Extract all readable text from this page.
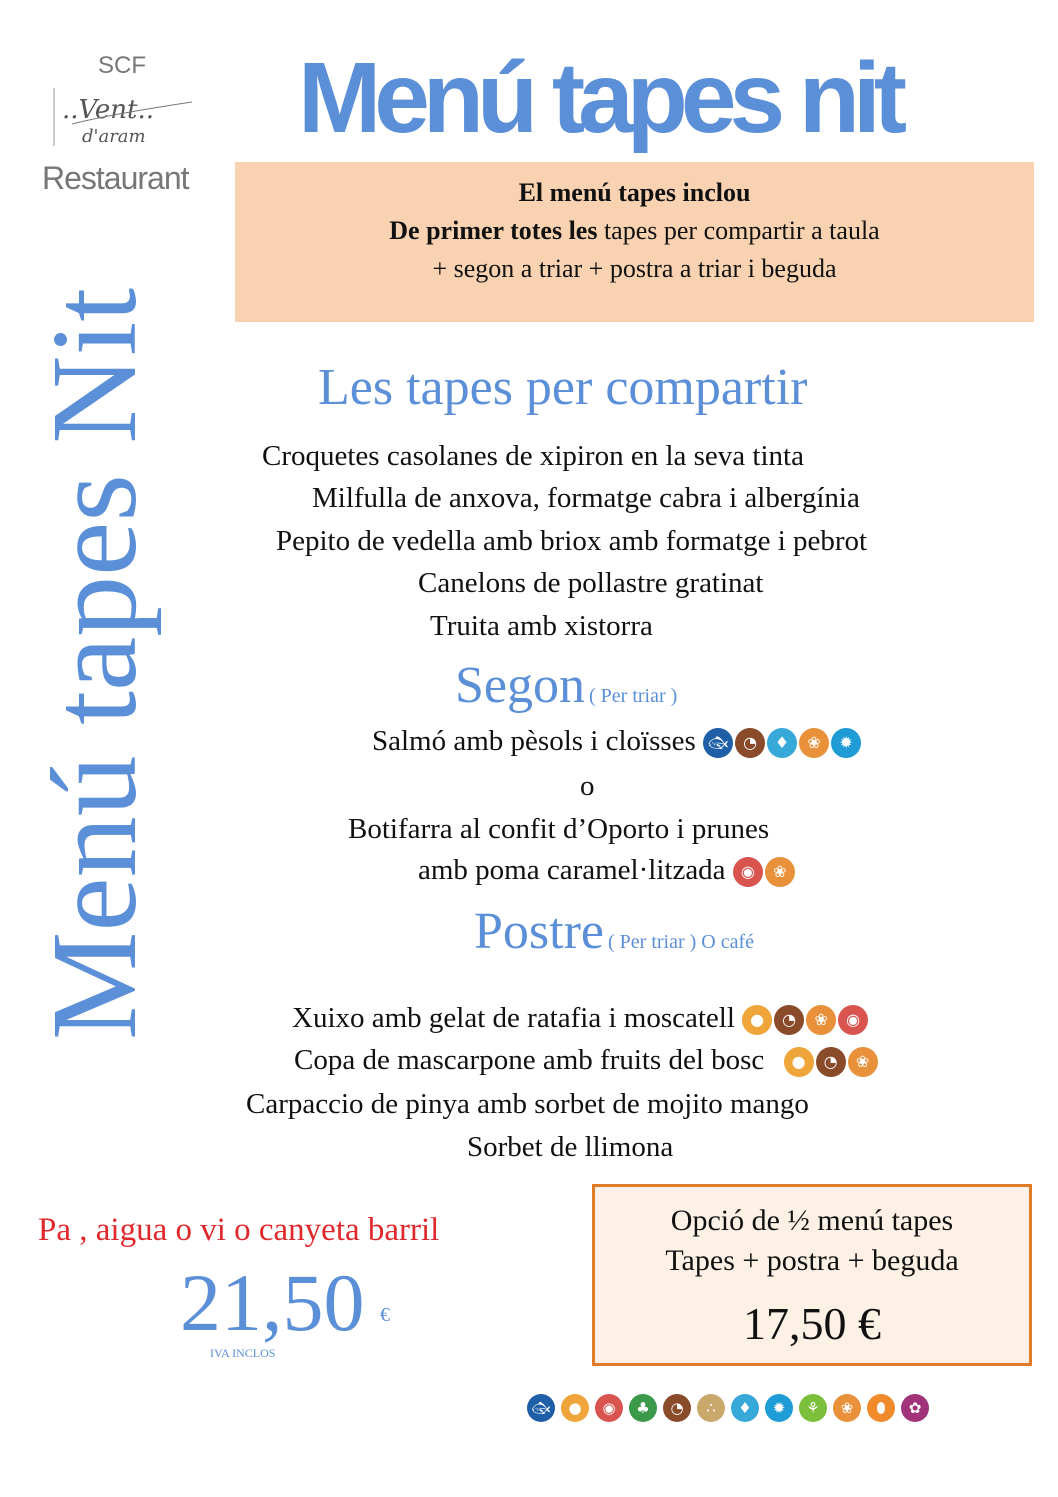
SCF
..Vent..
d'aram
Restaurant
Menú tapes nit
El menú tapes inclou
De primer totes les tapes per compartir a taula
+ segon a triar + postra a triar i beguda
Menú tapes Nit	Les tapes per compartir
Croquetes casolanes de xipiron en la seva tinta
Milfulla de anxova, formatge cabra i albergínia
Pepito de vedella amb briox amb formatge i pebrot
Canelons de pollastre gratinat
Truita amb xistorra
Segon ( Per triar )
Salmó amb pèsols i cloïsses 🐟︎ ◔	♦	❀	✹
o
Botifarra al confit d’Oporto i prunes
amb poma caramel·litzada ◉	❀
Postre ( Per triar ) O café
Xuixo amb gelat de ratafia i moscatell ●	◔	❀	◉
Copa de mascarpone amb fruits del bosc	●	◔	❀
Carpaccio de pinya amb sorbet de mojito mango
Sorbet de llimona
Pa , aigua o vi o canyeta barril
21,50 €
IVA INCLOS
Opció de ½ menú tapes
Tapes + postra + beguda
17,50 €
🐟︎	●	◉	♣	◔	∴	♦	✹	⚘	❀	⬮	✿
